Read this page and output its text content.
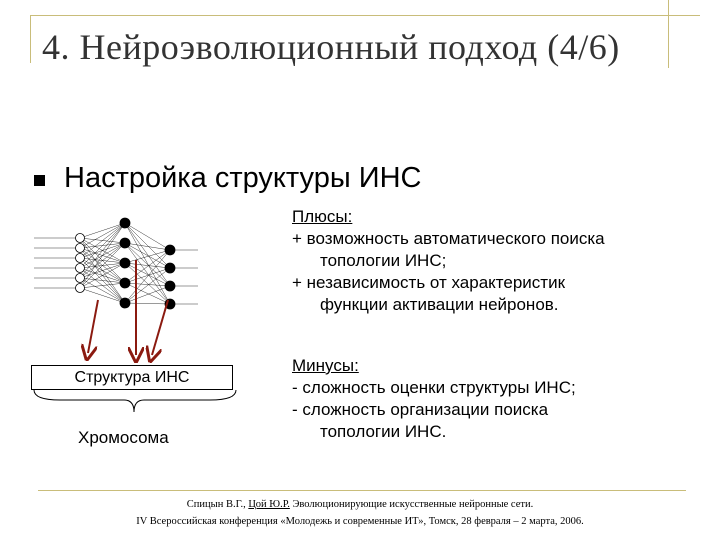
4. Нейроэволюционный подход (4/6)
Настройка структуры ИНС
Структура ИНС
Хромосома
Плюсы:
+ возможность автоматического поиска
топологии ИНС;
+ независимость от характеристик
функции активации нейронов.
Минусы:
- сложность оценки структуры ИНС;
- сложность организации поиска
топологии ИНС.
Спицын В.Г., Цой Ю.Р. Эволюционирующие искусственные нейронные сети.
IV Всероссийская конференция «Молодежь и современные ИТ», Томск, 28 февраля – 2 марта, 2006.
